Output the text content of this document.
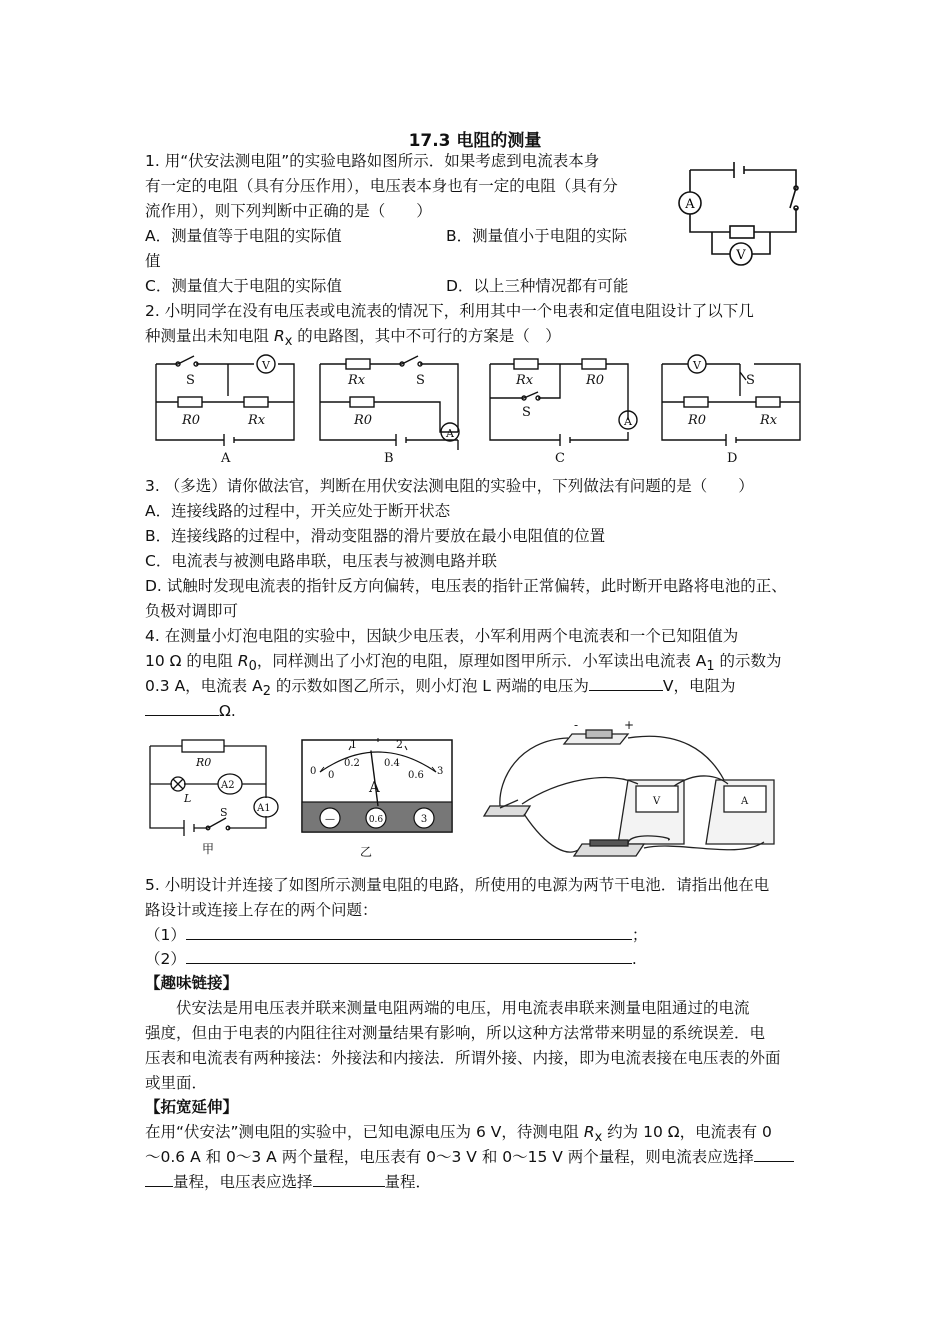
17.3 电阻的测量
1. 用“伏安法测电阻”的实验电路如图所示．如果考虑到电流表本身
有一定的电阻（具有分压作用），电压表本身也有一定的电阻（具有分
流作用），则下列判断中正确的是（　　）
A．测量值等于电阻的实际值	B．测量值小于电阻的实际
值
C．测量值大于电阻的实际值	D．以上三种情况都有可能
A
V
2. 小明同学在没有电压表或电流表的情况下，利用其中一个电表和定值电阻设计了以下几
种测量出未知电阻 $R_x$ 的电路图，其中不可行的方案是（　）
S
V
R0	Rx
Rx	S
R0
A
Rx	R0
S
A
V
S
R0	Rx
A	B	C	D
3. （多选）请你做法官，判断在用伏安法测电阻的实验中，下列做法有问题的是（　　）
A．连接线路的过程中，开关应处于断开状态
B．连接线路的过程中，滑动变阻器的滑片要放在最小电阻值的位置
C．电流表与被测电路串联，电压表与被测电路并联
D. 试触时发现电流表的指针反方向偏转，电压表的指针正常偏转，此时断开电路将电池的正、
负极对调即可
4. 在测量小灯泡电阻的实验中，因缺少电压表，小军利用两个电流表和一个已知阻值为
10 Ω 的电阻 $R_0$，同样测出了小灯泡的电阻，原理如图甲所示．小军读出电流表 $A_1$ 的示数为
0.3 A，电流表 $A_2$ 的示数如图乙所示，则小灯泡 L 两端的电压为	V，电阻为
Ω.
R0
L
A2
S	A1
甲
1	2
0	3
0
0.2 0.4
0.6
A
—	0.6	3
乙
-	+
V	A
5. 小明设计并连接了如图所示测量电阻的电路，所使用的电源为两节干电池．请指出他在电
路设计或连接上存在的两个问题：
（1）	；
（2）	.
【趣味链接】
　　伏安法是用电压表并联来测量电阻两端的电压，用电流表串联来测量电阻通过的电流
强度，但由于电表的内阻往往对测量结果有影响，所以这种方法常带来明显的系统误差．电
压表和电流表有两种接法：外接法和内接法．所谓外接、内接，即为电流表接在电压表的外面
或里面．
【拓宽延伸】
在用“伏安法”测电阻的实验中，已知电源电压为 6 V，待测电阻 $R_x$ 约为 10 Ω，电流表有 0
～0.6 A 和 0～3 A 两个量程，电压表有 0～3 V 和 0～15 V 两个量程，则电流表应选择
量程，电压表应选择	量程．
